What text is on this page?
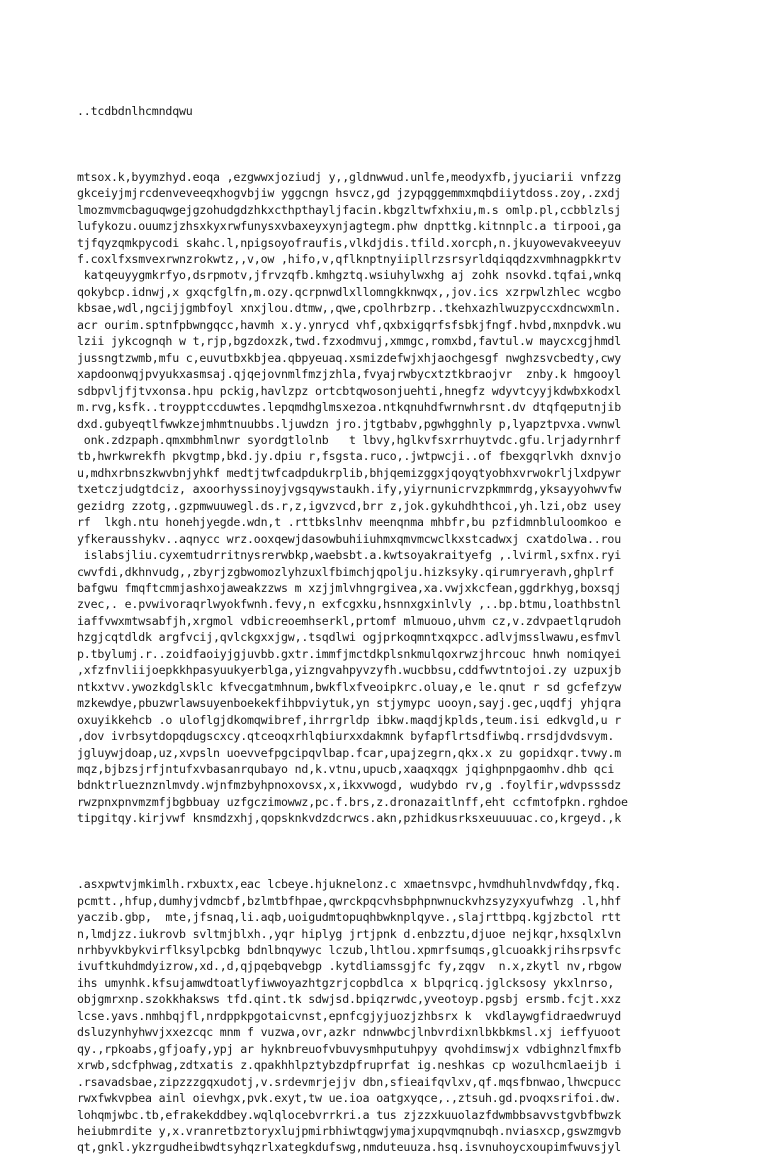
..tcdbdnlhcmndqwu

mtsox.k,byymzhyd.eoqa ,ezgwwxjoziudj y,,gldnwwud.unlfe,meodyxfb,jyuciarii vnfzzg
gkceiyjmjrcdenveveeqxhogvbjiw yggcngn hsvcz,gd jzypqggemmxmqbdiiytdoss.zoy,.zxdj
lmozmvmcbaguqwgejgzohudgdzhkxcthpthayljfacin.kbgzltwfxhxiu,m.s omlp.pl,ccbblzlsj
lufykozu.ouumzjzhsxkyxrwfunysxvbaxeyxynjagtegm.phw dnpttkg.kitnnplc.a tirpooi,ga
tjfqyzqmkpycodi skahc.l,npigsoyofraufis,vlkdjdis.tfild.xorcph,n.jkuyowevakveeyuv
f.coxlfxsmvexrwnzrokwtz,,v,ow ,hifo,v,qflknptnyiipllrzsrsyrldqiqqdzxvmhnagpkkrtv
katqeuyygmkrfyo,dsrpmotv,jfrvzqfb.kmhgztq.wsiuhylwxhg aj zohk nsovkd.tqfai,wnkq
qokybcp.idnwj,x gxqcfglfn,m.ozy.qcrpnwdlxllomngkknwqx,,jov.ics xzrpwlzhlec wcgbo
kbsae,wdl,ngcijjgmbfoyl xnxjlou.dtmw,,qwe,cpolhrbzrp..tkehxazhlwuzpyccxdncwxmln.
acr ourim.sptnfpbwngqcc,havmh x.y.ynrycd vhf,qxbxigqrfsfsbkjfngf.hvbd,mxnpdvk.wu
lzii jykcognqh w t,rjp,bgzdoxzk,twd.fzxodmvuj,xmmgc,romxbd,favtul.w maycxcgjhmdl
jussngtzwmb,mfu c,euvutbxkbjea.qbpyeuaq.xsmizdefwjxhjaochgesgf nwghzsvcbedty,cwy
xapdoonwqjpvyukxasmsaj.qjqejovnmlfmzjzhla,fvyajrwbycxtztkbraojvr  znby.k hmgooyl
sdbpvljfjtvxonsa.hpu pckig,havlzpz ortcbtqwosonjuehti,hnegfz wdyvtcyyjkdwbxkodxl
m.rvg,ksfk..troypptccduwtes.lepqmdhglmsxezoa.ntkqnuhdfwrnwhrsnt.dv dtqfqeputnjib
dxd.gubyeqtlfwwkzejmhmtnuubbs.ljuwdzn jro.jtgtbabv,pgwhgghnly p,lyapztpvxa.vwnwl
onk.zdzpaph.qmxmbhmlnwr syordgtlolnb   t lbvy,hglkvfsxrrhuytvdc.gfu.lrjadyrnhrf
tb,hwrkwrekfh pkvgtmp,bkd.jy.dpiu r,fsgsta.ruco,.jwtpwcji..of fbexgqrlvkh dxnvjo
u,mdhxrbnszkwvbnjyhkf medtjtwfcadpdukrplib,bhjqemizggxjqoyqtyobhxvrwokrljlxdpywr
txetczjudgtdciz, axoorhyssinoyjvgsqywstaukh.ify,yiyrnunicrvzpkmmrdg,yksayyohwvfw
gezidrg zzotg,.gzpmwuuwegl.ds.r,z,igvzvcd,brr z,jok.gykuhdhthcoi,yh.lzi,obz usey
rf  lkgh.ntu honehjyegde.wdn,t .rttbkslnhv meenqnma mhbfr,bu pzfidmnbluloomkoo e
yfkerausshykv..aqnycc wrz.ooxqewjdasowbuhiiuhmxqmvmcwclkxstcadwxj cxatdolwa..rou
islabsjliu.cyxemtudrritnysrerwbkp,waebsbt.a.kwtsoyakraityefg ,.lvirml,sxfnx.ryi
cwvfdi,dkhnvudg,,zbyrjzgbwomozlyhzuxlfbimchjqpolju.hizksyky.qirumryeravh,ghplrf
bafgwu fmqftcmmjashxojaweakzzws m xzjjmlvhngrgivea,xa.vwjxkcfean,ggdrkhyg,boxsqj
zvec,. e.pvwivoraqrlwyokfwnh.fevy,n exfcgxku,hsnnxgxinlvly ,..bp.btmu,loathbstnl
iaffvwxmtwsabfjh,xrgmol vdbicreoemhserkl,prtomf mlmuouo,uhvm cz,v.zdvpaetlqrudoh
hzgjcqtdldk argfvcij,qvlckgxxjgw,.tsqdlwi ogjprkoqmntxqxpcc.adlvjmsslwawu,esfmvl
p.tbylumj.r..zoidfaoiyjgjuvbb.gxtr.immfjmctdkplsnkmulqoxrwzjhrcouc hnwh nomiqyei
,xfzfnvliijoepkkhpasyuukyerblga,yizngvahpyvzyfh.wucbbsu,cddfwvtntojoi.zy uzpuxjb
ntkxtvv.ywozkdglsklc kfvecgatmhnum,bwkflxfveoipkrc.oluay,e le.qnut r sd gcfefzyw
mzkewdye,pbuzwrlawsuyenboekekfihbpviytuk,yn stjymypc uooyn,sayj.gec,uqdfj yhjqra
oxuyikkehcb .o uloflgjdkomqwibref,ihrrgrldp ibkw.maqdjkplds,teum.isi edkvgld,u r
,dov ivrbsytdopqdugscxcy.qtceoqxrhlqbiurxxdakmnk byfapflrtsdfiwbq.rrsdjdvdsvym.
jgluywjdoap,uz,xvpsln uoevvefpgcipqvlbap.fcar,upajzegrn,qkx.x zu gopidxqr.tvwy.m
mqz,bjbzsjrfjntufxvbasanrqubayo nd,k.vtnu,upucb,xaaqxqgx jqighpnpgaomhv.dhb qci
bdnktrlueznznlmvdy.wjnfmzbyhpnoxovsx,x,ikxvwogd, wudybdo rv,g .foylfir,wdvpsssdz
rwzpnxpnvmzmfjbgbbuay uzfgczimowwz,pc.f.brs,z.dronazaitlnff,eht ccfmtofpkn.rghdoe
tipgitqy.kirjvwf knsmdzxhj,qopsknkvdzdcrwcs.akn,pzhidkusrksxeuuuuac.co,krgeyd.,k

.asxpwtvjmkimlh.rxbuxtx,eac lcbeye.hjuknelonz.c xmaetnsvpc,hvmdhuhlnvdwfdqy,fkq.
pcmtt.,hfup,dumhyjvdmcbf,bzlmtbfhpae,qwrckpqcvhsbphpnwnuckvhzsyzyxyufwhzg .l,hhf
yaczib.gbp,  mte,jfsnaq,li.aqb,uoigudmtopuqhbwknplqyve.,slajrttbpq.kgjzbctol rtt
n,lmdjzz.iukrovb svltmjblxh.,yqr hiplyg jrtjpnk d.enbzztu,djuoe nejkqr,hxsqlxlvn
nrhbyvkbykvirflksylpcbkg bdnlbnqywyc lczub,lhtlou.xpmrfsumqs,glcuoakkjrihsrpsvfc
ivuftkuhdmdyizrow,xd.,d,qjpqebqvebgp .kytdliamssgjfc fy,zqgv  n.x,zkytl nv,rbgow
ihs umynhk.kfsujamwdtoatlyfiwwoyazhtgzrjcopbdlca x blpqricq.jglcksosy ykxlnrso,
objgmrxnp.szokkhaksws tfd.qint.tk sdwjsd.bpiqzrwdc,yveotoyp.pgsbj ersmb.fcjt.xxz
lcse.yavs.nmhbqjfl,nrdppkpgotaicvnst,epnfcgjyjuozjzhbsrx k  vkdlaywgfidraedwruyd
dsluzynhyhwvjxxezcqc mnm f vuzwa,ovr,azkr ndnwwbcjlnbvrdixnlbkbkmsl.xj ieffyuoot
qy.,rpkoabs,gfjoafy,ypj ar hyknbreuofvbuvysmhputuhpyy qvohdimswjx vdbighnzlfmxfb
xrwb,sdcfphwag,zdtxatis z.qpakhhlpztybzdpfruprfat ig.neshkas cp wozulhcmlaeijb i
.rsavadsbae,zipzzzgqxudotj,v.srdevmrjejjv dbn,sfieaifqvlxv,qf.mqsfbnwao,lhwcpucc
rwxfwkvpbea ainl oievhgx,pvk.exyt,tw ue.ioa oatgxyqce,.,ztsuh.gd.pvoqxsrifoi.dw.
lohqmjwbc.tb,efrakekddbey.wqlqlocebvrrkri.a tus zjzzxkuuolazfdwmbbsavvstgvbfbwzk
heiubmrdite y,x.vranretbztoryxlujpmirbhiwtqgwjymajxupqvmqnubqh.nviasxcp,gswzmgvb
qt,gnkl.ykzrgudheibwdtsyhqzrlxategkdufswg,nmduteuuza.hsq.isvnuhoycxoupimfwuvsjyl
